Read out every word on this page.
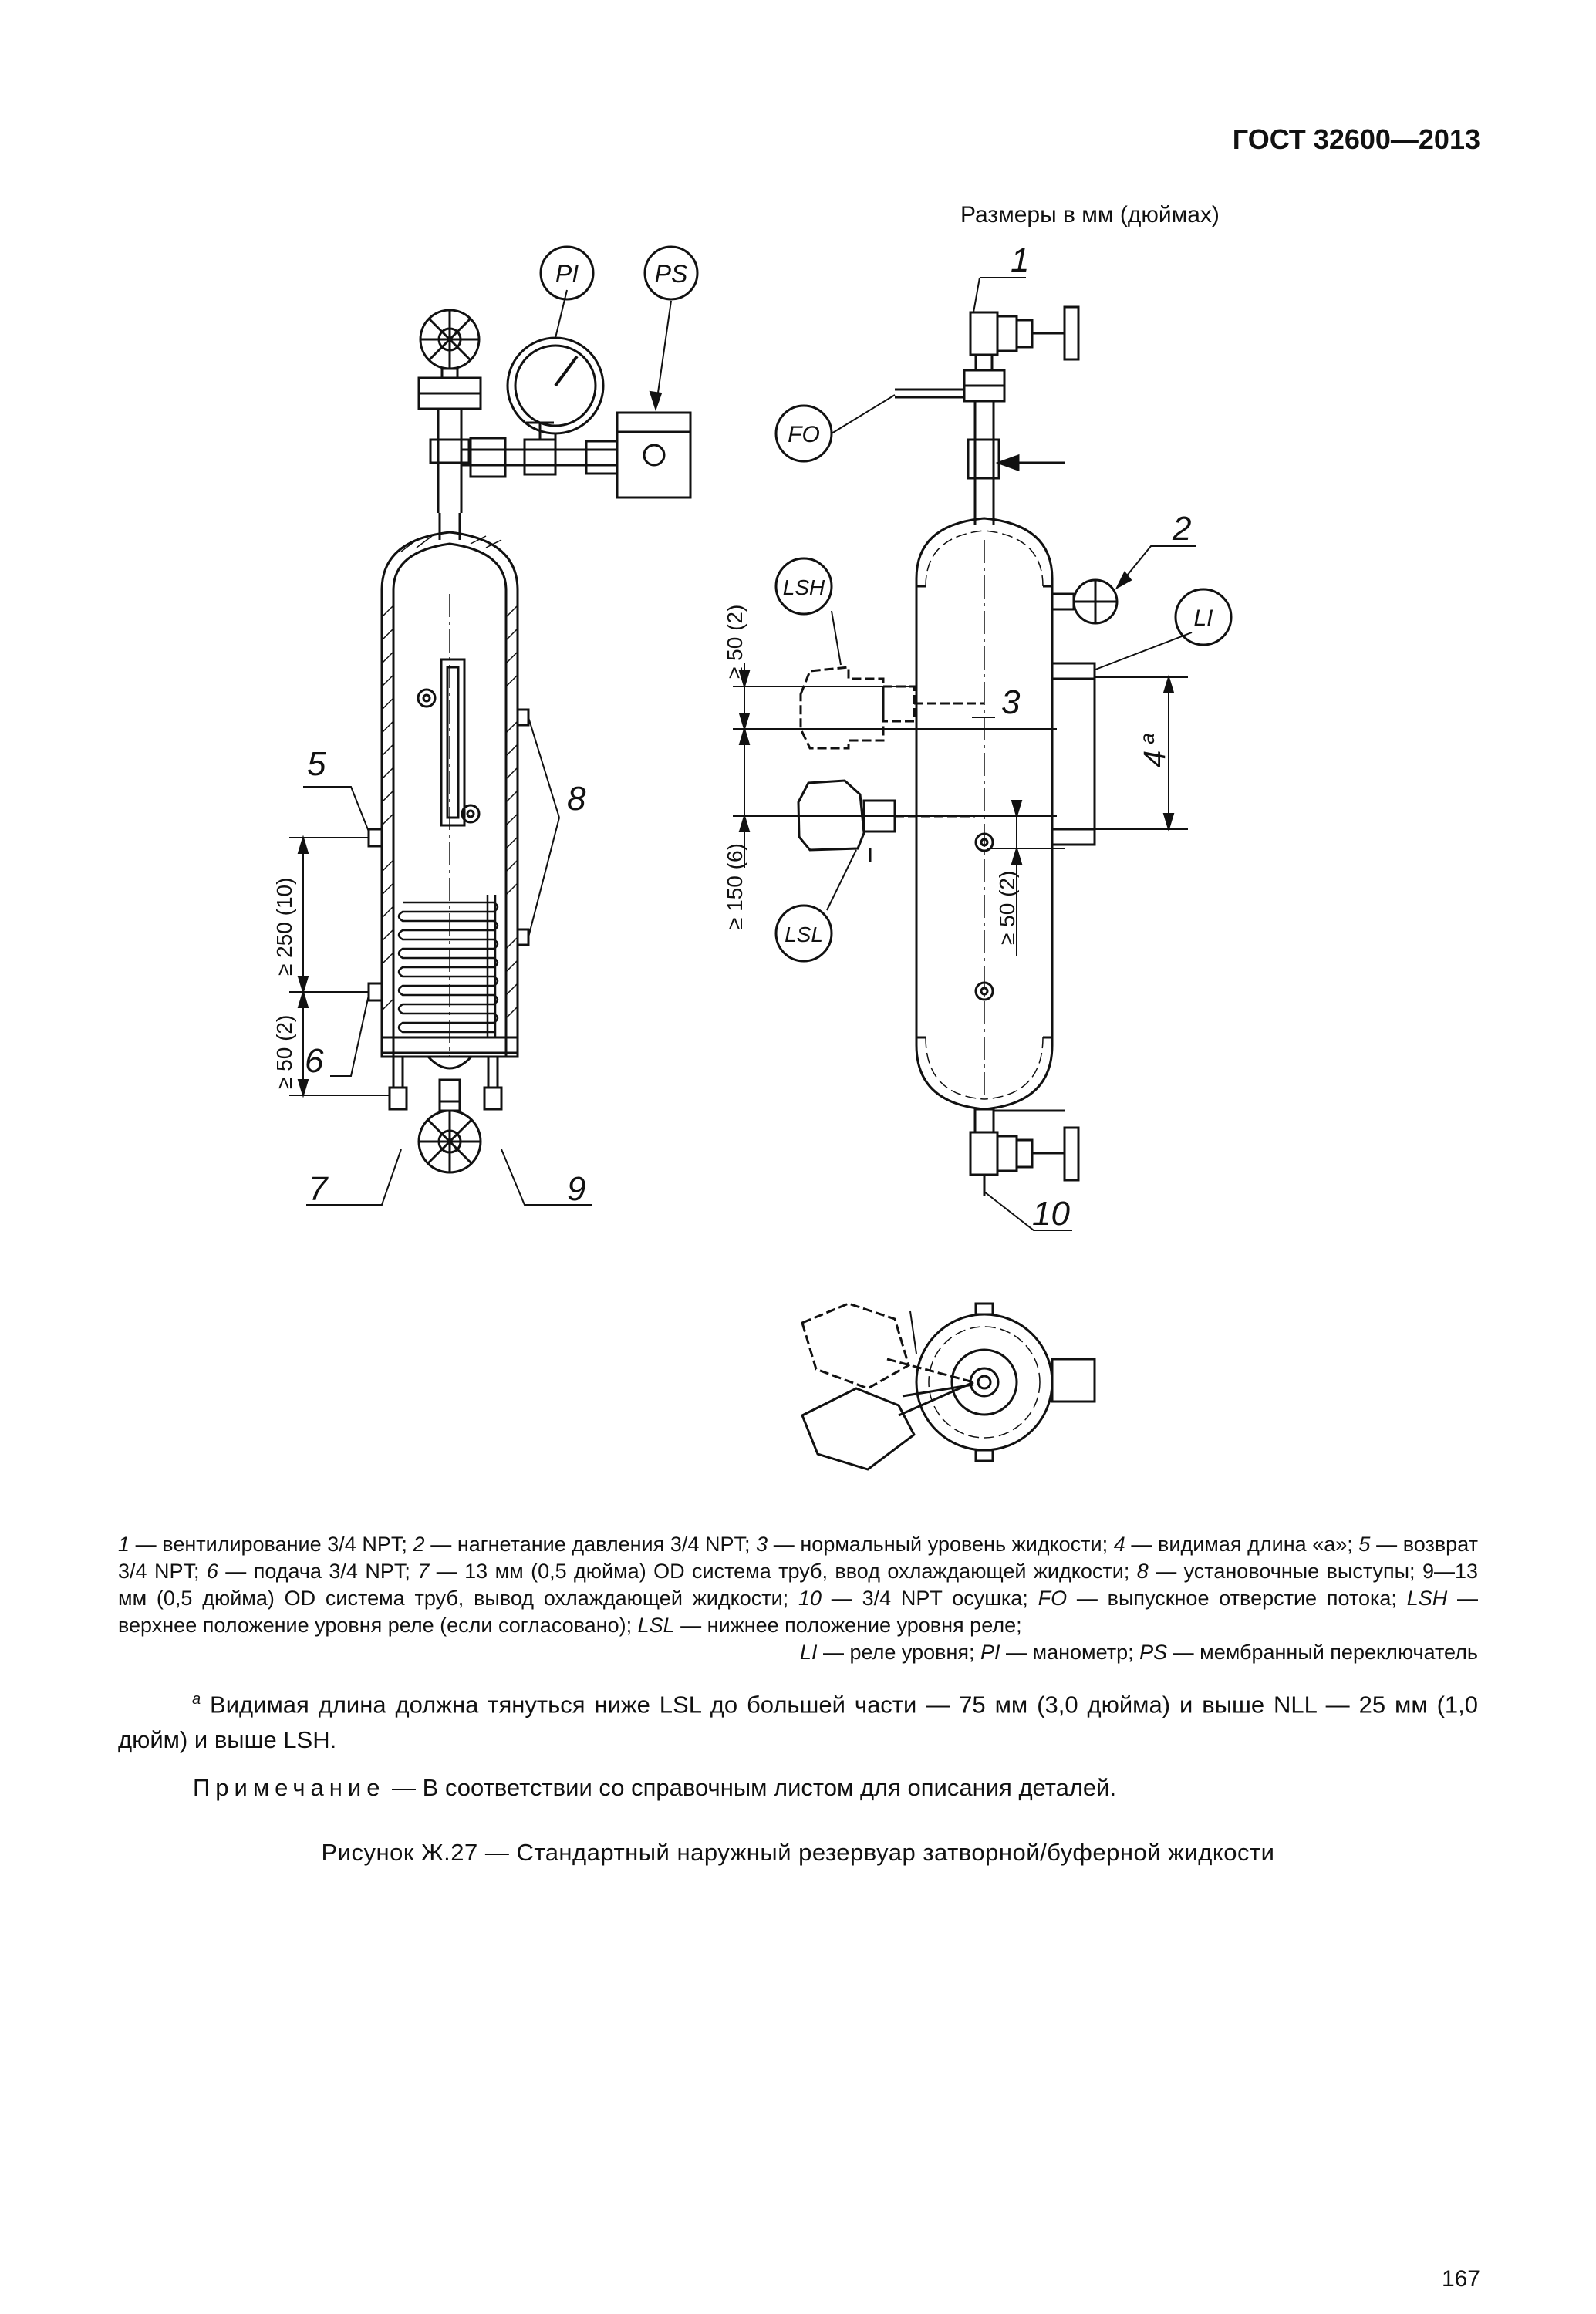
ГОСТ 32600—2013
Размеры в мм (дюймах)
≥ 250 (10)
≥ 50 (2)
PI	PS
5
6
7	9
8
≥ 50 (2)
≥ 150 (6)	≥ 50 (2)
4$^a$
FO
LSH
LSL
LI
1
2
3
10

1 — вентилирование 3/4 NPT; 2 — нагнетание давления 3/4 NPT; 3 — нормальный уровень жидкости; 4 — видимая длина «a»; 5 — возврат 3/4 NPT; 6 — подача 3/4 NPT; 7 — 13 мм (0,5 дюйма) OD система труб, ввод охлаждающей жидкости; 8 — установочные выступы; 9—13 мм (0,5 дюйма) OD система труб, вывод охлаждающей жидкости; 10 — 3/4 NPT осушка; FO — выпускное отверстие потока; LSH — верхнее положение уровня реле (если согласовано); LSL — нижнее положение уровня реле;

LI — реле уровня; PI — манометр; PS — мембранный переключатель

$^a$ Видимая длина должна тянуться ниже LSL до большей части — 75 мм (3,0 дюйма) и выше NLL — 25 мм (1,0 дюйм) и выше LSH.

Примечание — В соответствии со справочным листом для описания деталей.
Рисунок Ж.27 — Стандартный наружный резервуар затворной/буферной жидкости
167
